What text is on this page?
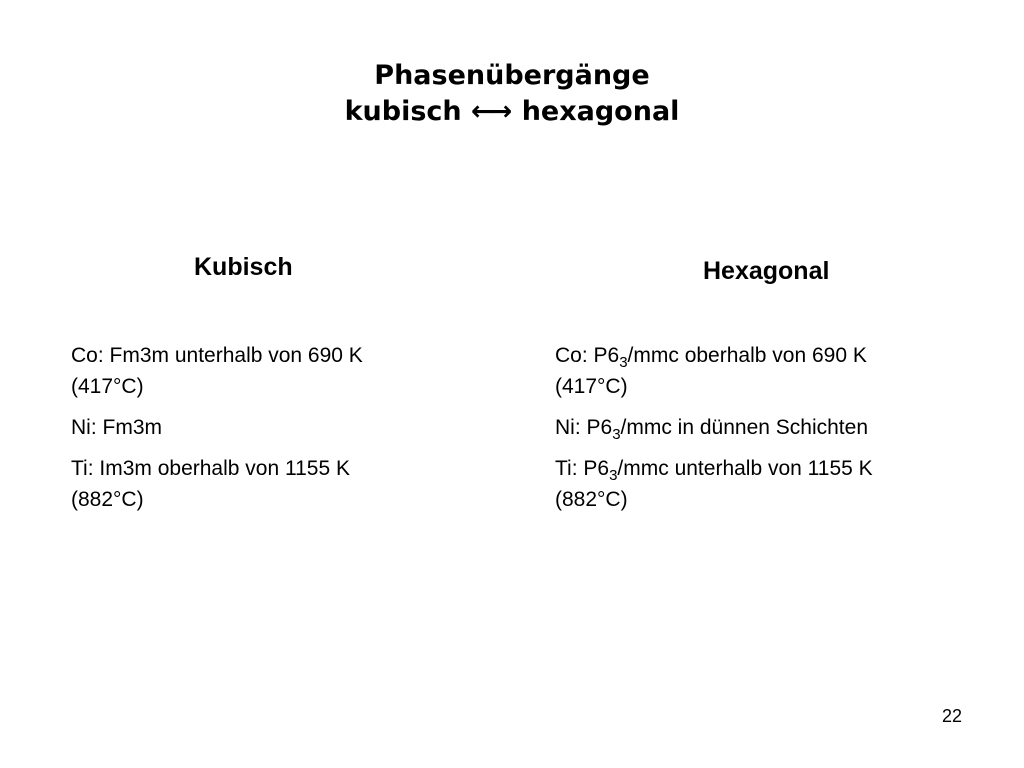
Phasenübergänge
kubisch ←→ hexagonal
Kubisch	Hexagonal
Co: Fm3m unterhalb von 690 K
(417°C)
Ni: Fm3m
Ti: Im3m oberhalb von 1155 K
(882°C)
Co: $P6_3$/mmc oberhalb von 690 K
(417°C)
Ni: $P6_3$/mmc in dünnen Schichten
Ti: $P6_3$/mmc unterhalb von 1155 K
(882°C)
22
